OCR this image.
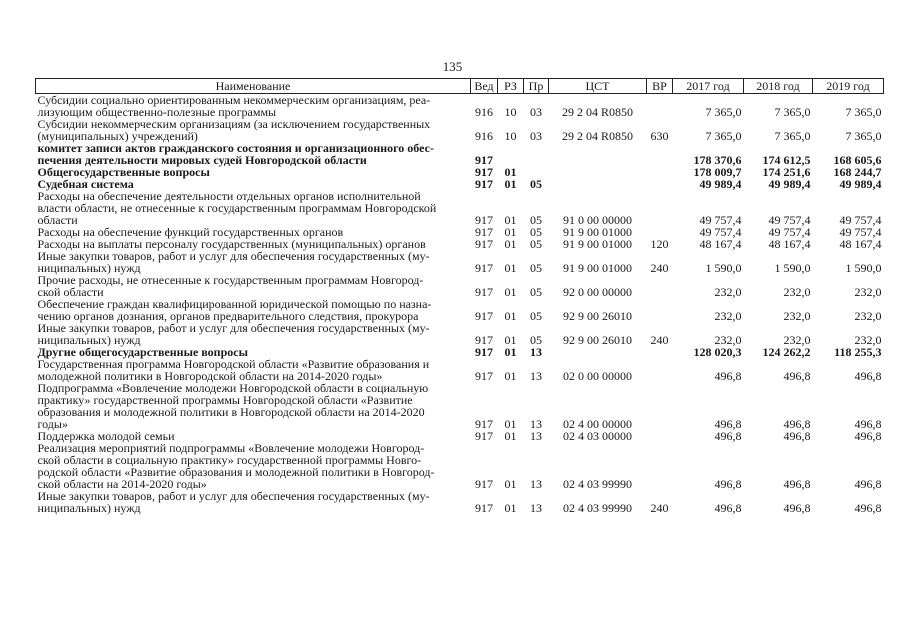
135
Наименование	Вед	РЗ	Пр	ЦСТ	ВР	2017 год	2018 год	2019 год
Субсидии социально ориентированным некоммерческим организациям, реа-
лизующим общественно-полезные программы	916	10	03	29 2 04 R0850		7 365,0	7 365,0	7 365,0
Субсидии некоммерческим организациям (за исключением государственных
(муниципальных) учреждений)	916	10	03	29 2 04 R0850	630	7 365,0	7 365,0	7 365,0
комитет записи актов гражданского состояния и организационного обес-
печения деятельности мировых судей Новгородской области	917					178 370,6	174 612,5	168 605,6
Общегосударственные вопросы	917	01				178 009,7	174 251,6	168 244,7
Судебная система	917	01	05			49 989,4	49 989,4	49 989,4
Расходы на обеспечение деятельности отдельных органов исполнительной
власти области, не отнесенные к государственным программам Новгородской
области	917	01	05	91 0 00 00000		49 757,4	49 757,4	49 757,4
Расходы на обеспечение функций государственных органов	917	01	05	91 9 00 01000		49 757,4	49 757,4	49 757,4
Расходы на выплаты персоналу государственных (муниципальных) органов	917	01	05	91 9 00 01000	120	48 167,4	48 167,4	48 167,4
Иные закупки товаров, работ и услуг для обеспечения государственных (му-
ниципальных) нужд	917	01	05	91 9 00 01000	240	1 590,0	1 590,0	1 590,0
Прочие расходы, не отнесенные к государственным программам Новгород-
ской области	917	01	05	92 0 00 00000		232,0	232,0	232,0
Обеспечение граждан квалифицированной юридической помощью по назна-
чению органов дознания, органов предварительного следствия, прокурора	917	01	05	92 9 00 26010		232,0	232,0	232,0
Иные закупки товаров, работ и услуг для обеспечения государственных (му-
ниципальных) нужд	917	01	05	92 9 00 26010	240	232,0	232,0	232,0
Другие общегосударственные вопросы	917	01	13			128 020,3	124 262,2	118 255,3
Государственная программа Новгородской области «Развитие образования и
молодежной политики в Новгородской области на 2014-2020 годы»	917	01	13	02 0 00 00000		496,8	496,8	496,8
Подпрограмма «Вовлечение молодежи Новгородской области в социальную
практику» государственной программы Новгородской области «Развитие
образования и молодежной политики в Новгородской области на 2014-2020
годы»	917	01	13	02 4 00 00000		496,8	496,8	496,8
Поддержка молодой семьи	917	01	13	02 4 03 00000		496,8	496,8	496,8
Реализация мероприятий подпрограммы «Вовлечение молодежи Новгород-
ской области в социальную практику» государственной программы Новго-
родской области «Развитие образования и молодежной политики в Новгород-
ской области на 2014-2020 годы»	917	01	13	02 4 03 99990		496,8	496,8	496,8
Иные закупки товаров, работ и услуг для обеспечения государственных (му-
ниципальных) нужд	917	01	13	02 4 03 99990	240	496,8	496,8	496,8
